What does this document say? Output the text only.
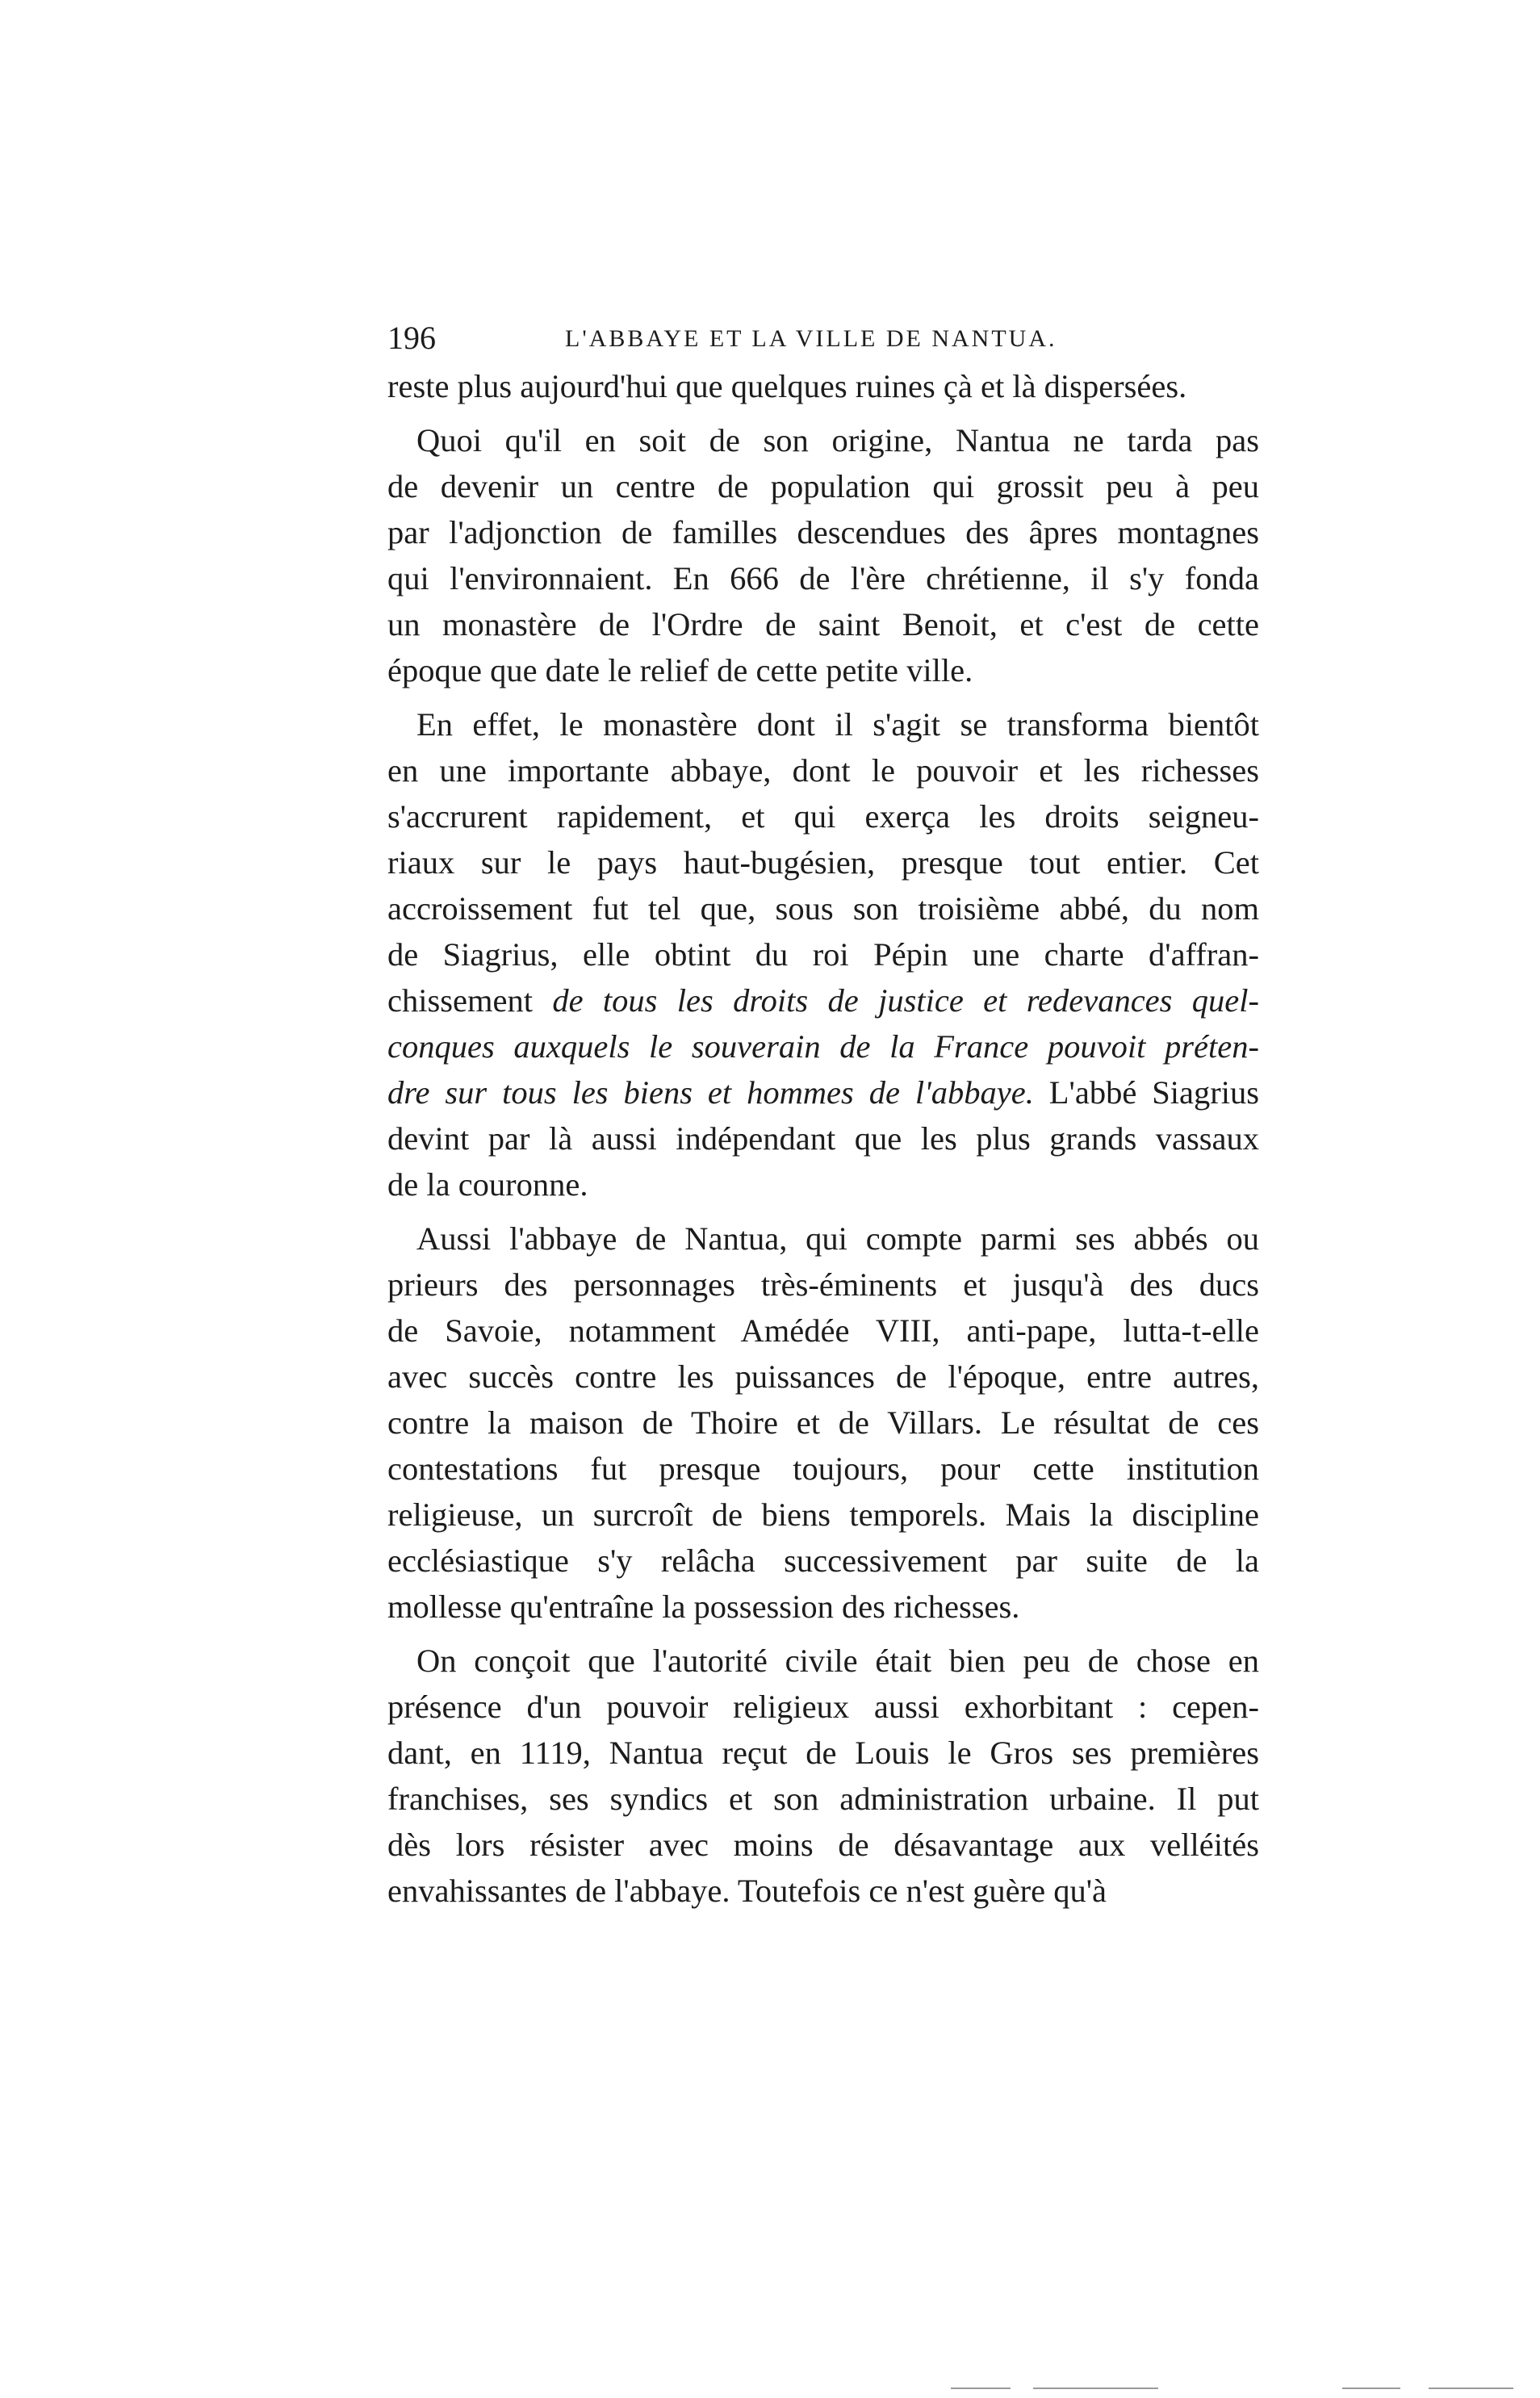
196	L'ABBAYE ET LA VILLE DE NANTUA.
reste plus aujourd'hui que quelques ruines çà et là dispersées.
Quoi qu'il en soit de son origine, Nantua ne tarda pas
de devenir un centre de population qui grossit peu à peu
par l'adjonction de familles descendues des âpres montagnes
qui l'environnaient. En 666 de l'ère chrétienne, il s'y fonda
un monastère de l'Ordre de saint Benoit, et c'est de cette
époque que date le relief de cette petite ville.
En effet, le monastère dont il s'agit se transforma bientôt
en une importante abbaye, dont le pouvoir et les richesses
s'accrurent rapidement, et qui exerça les droits seigneu-
riaux sur le pays haut-bugésien, presque tout entier. Cet
accroissement fut tel que, sous son troisième abbé, du nom
de Siagrius, elle obtint du roi Pépin une charte d'affran-
chissement de tous les droits de justice et redevances quel-
conques auxquels le souverain de la France pouvoit préten-
dre sur tous les biens et hommes de l'abbaye. L'abbé Siagrius
devint par là aussi indépendant que les plus grands vassaux
de la couronne.
Aussi l'abbaye de Nantua, qui compte parmi ses abbés ou
prieurs des personnages très-éminents et jusqu'à des ducs
de Savoie, notamment Amédée VIII, anti-pape, lutta-t-elle
avec succès contre les puissances de l'époque, entre autres,
contre la maison de Thoire et de Villars. Le résultat de ces
contestations fut presque toujours, pour cette institution
religieuse, un surcroît de biens temporels. Mais la discipline
ecclésiastique s'y relâcha successivement par suite de la
mollesse qu'entraîne la possession des richesses.
On conçoit que l'autorité civile était bien peu de chose en
présence d'un pouvoir religieux aussi exhorbitant : cepen-
dant, en 1119, Nantua reçut de Louis le Gros ses premières
franchises, ses syndics et son administration urbaine. Il put
dès lors résister avec moins de désavantage aux velléités
envahissantes de l'abbaye. Toutefois ce n'est guère qu'à
